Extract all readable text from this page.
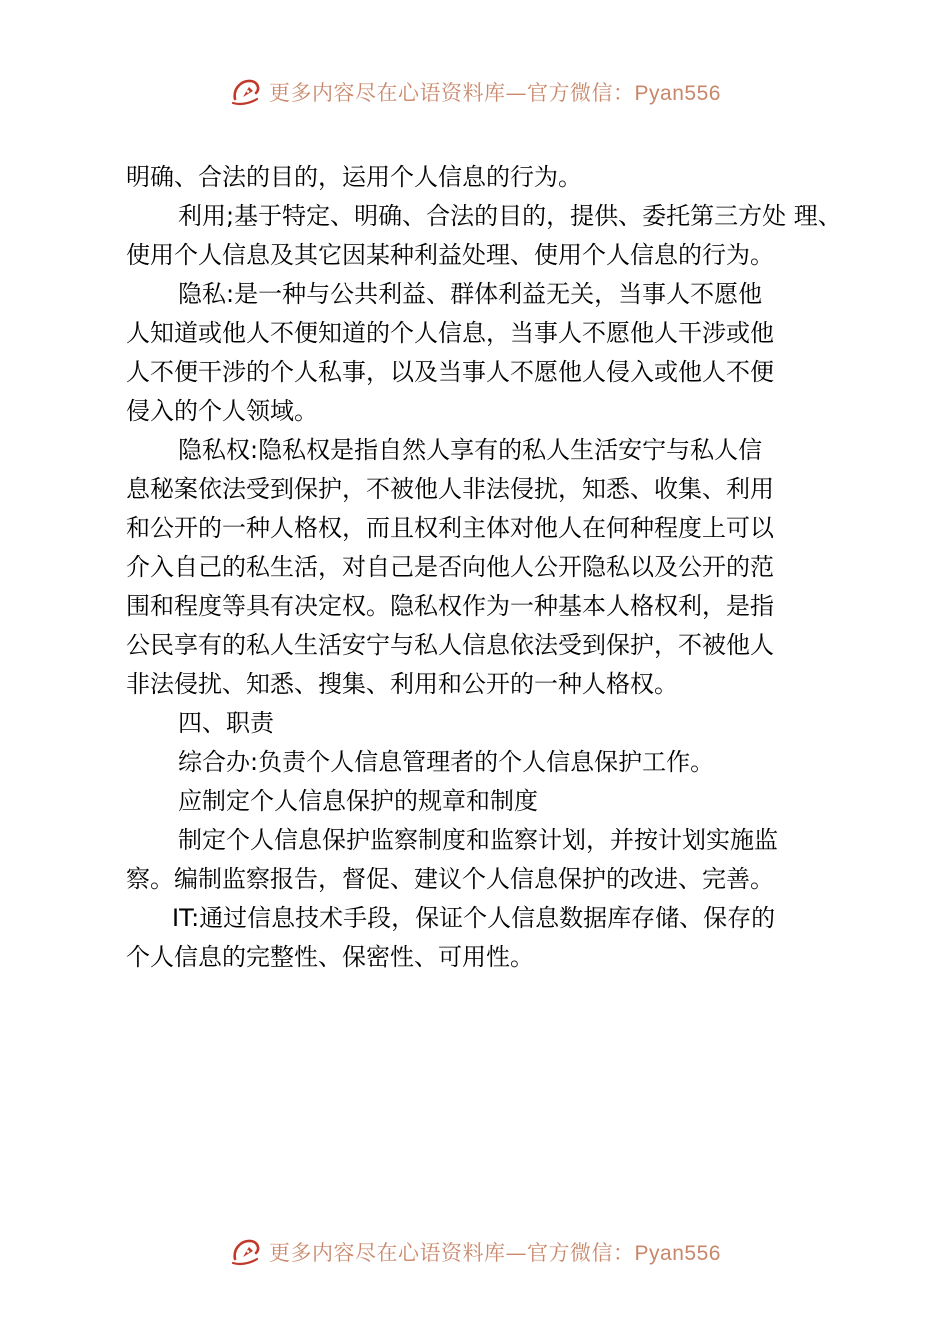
更多内容尽在心语资料库—官方微信：Pyan556
明确、合法的目的，运用个人信息的行为。
利用;基于特定、明确、合法的目的，提供、委托第三方处 理、
使用个人信息及其它因某种利益处理、使用个人信息的行为。
隐私:是一种与公共利益、群体利益无关，当事人不愿他
人知道或他人不便知道的个人信息，当事人不愿他人干涉或他
人不便干涉的个人私事，以及当事人不愿他人侵入或他人不便
侵入的个人领域。
隐私权:隐私权是指自然人享有的私人生活安宁与私人信
息秘案依法受到保护，不被他人非法侵扰，知悉、收集、利用
和公开的一种人格权，而且权利主体对他人在何种程度上可以
介入自己的私生活，对自己是否向他人公开隐私以及公开的范
围和程度等具有决定权。隐私权作为一种基本人格权利，是指
公民享有的私人生活安宁与私人信息依法受到保护，不被他人
非法侵扰、知悉、搜集、利用和公开的一种人格权。
四、职责
综合办:负责个人信息管理者的个人信息保护工作。
应制定个人信息保护的规章和制度
制定个人信息保护监察制度和监察计划，并按计划实施监
察。编制监察报告，督促、建议个人信息保护的改进、完善。
IT:通过信息技术手段，保证个人信息数据库存储、保存的
个人信息的完整性、保密性、可用性。
更多内容尽在心语资料库—官方微信：Pyan556
